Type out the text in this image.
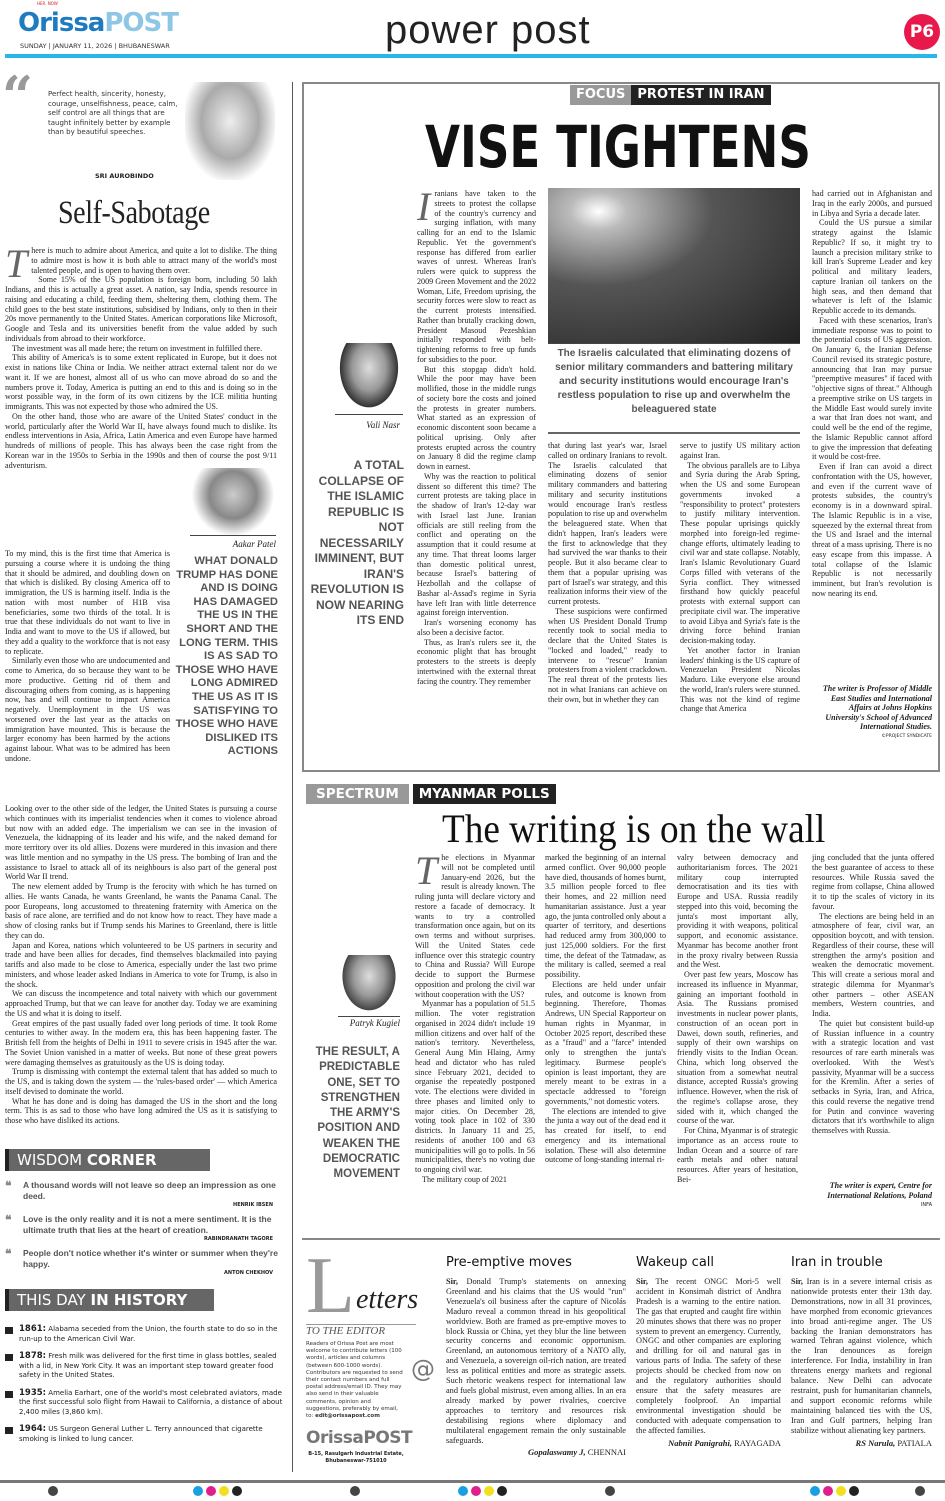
HER. NOW
OrissaPOST
SUNDAY | JANUARY 11, 2026 | BHUBANESWAR	power post	P6
“ Perfect health, sincerity, honesty, courage, unselfishness, peace, calm, self control are all things that are taught infinitely better by example than by beautiful speeches.
SRI AUROBINDO
Self-Sabotage
T here is much to admire about America, and quite a lot to dislike. The thing to admire most is how it is both able to attract many of the world's most talented people, and is open to having them over.

Some 15% of the US population is foreign born, including 50 lakh Indians, and this is actually a great asset. A nation, say India, spends resource in raising and educating a child, feeding them, sheltering them, clothing them. The child goes to the best state institutions, subsidised by Indians, only to then in their 20s move permanently to the United States. American corporations like Microsoft, Google and Tesla and its universities benefit from the value added by such individuals from abroad to their workforce.

The investment was all made here; the return on investment in fulfilled there.

This ability of America's is to some extent replicated in Europe, but it does not exist in nations like China or India. We neither attract external talent nor do we want it. If we are honest, almost all of us who can move abroad do so and the numbers prove it. Today, America is putting an end to this and is doing so in the worst possible way, in the form of its own citizens by the ICE militia hunting immigrants. This was not expected by those who admired the US.

On the other hand, those who are aware of the United States' conduct in the world, particularly after the World War II, have always found much to dislike. Its endless interventions in Asia, Africa, Latin America and even Europe have harmed hundreds of millions of people. This has always been the case right from the Korean war in the 1950s to Serbia in the 1990s and then of course the post 9/11 adventurism.

Aakar Patel

To my mind, this is the first time that America is pursuing a course where it is undoing the thing that it should be admired, and doubling down on that which is disliked. By closing America off to immigration, the US is harming itself. India is the nation with most number of H1B visa beneficiaries, some two thirds of the total. It is true that these individuals do not want to live in India and want to move to the US if allowed, but they add a quality to the workforce that is not easy to replicate.

Similarly even those who are undocumented and come to America, do so because they want to be more productive. Getting rid of them and discouraging others from coming, as is happening now, has and will continue to impact America negatively. Unemployment in the US was worsened over the last year as the attacks on immigration have mounted. This is because the larger economy has been harmed by the actions against labour. What was to be admired has been undone.

WHAT DONALD TRUMP HAS DONE AND IS DOING HAS DAMAGED THE US IN THE SHORT AND THE LONG TERM. THIS IS AS SAD TO THOSE WHO HAVE LONG ADMIRED THE US AS IT IS SATISFYING TO THOSE WHO HAVE DISLIKED ITS ACTIONS

Looking over to the other side of the ledger, the United States is pursuing a course which continues with its imperialist tendencies when it comes to violence abroad but now with an added edge. The imperialism we can see in the invasion of Venezuela, the kidnapping of its leader and his wife, and the naked demand for more territory over its old allies. Dozens were murdered in this invasion and there was little mention and no sympathy in the US press. The bombing of Iran and the assistance to Israel to attack all of its neighbours is also part of the general post World War II trend.

The new element added by Trump is the ferocity with which he has turned on allies. He wants Canada, he wants Greenland, he wants the Panama Canal. The poor Europeans, long accustomed to threatening fraternity with America on the basis of race alone, are terrified and do not know how to react. They have made a show of closing ranks but if Trump sends his Marines to Greenland, there is little they can do.

Japan and Korea, nations which volunteered to be US partners in security and trade and have been allies for decades, find themselves blackmailed into paying tariffs and also made to be close to America, especially under the last two prime ministers, and whose leader asked Indians in America to vote for Trump, is also in the shock.

We can discuss the incompetence and total naivety with which our government approached Trump, but that we can leave for another day. Today we are examining the US and what it is doing to itself.

Great empires of the past usually faded over long periods of time. It took Rome centuries to wither away. In the modern era, this has been happening faster. The British fell from the heights of Delhi in 1911 to severe crisis in 1945 after the war. The Soviet Union vanished in a matter of weeks. But none of these great powers were damaging themselves as gratuitously as the US is doing today.

Trump is dismissing with contempt the external talent that has added so much to the US, and is taking down the system — the 'rules-based order' — which America itself devised to dominate the world.

What he has done and is doing has damaged the US in the short and the long term. This is as sad to those who have long admired the US as it is satisfying to those who have disliked its actions.

WISDOM CORNER
❝ A thousand words will not leave so deep an impression as one deed.
HENRIK IBSEN
❝ Love is the only reality and it is not a mere sentiment. It is the ultimate truth that lies at the heart of creation.
RABINDRANATH TAGORE
❝ People don't notice whether it's winter or summer when they're happy.
ANTON CHEKHOV
THIS DAY IN HISTORY
1861: Alabama seceded from the Union, the fourth state to do so in the run-up to the American Civil War.
1878: Fresh milk was delivered for the first time in glass bottles, sealed with a lid, in New York City. It was an important step toward greater food safety in the United States.
1935: Amelia Earhart, one of the world's most celebrated aviators, made the first successful solo flight from Hawaii to California, a distance of about 2,400 miles (3,860 km).
1964: US Surgeon General Luther L. Terry announced that cigarette smoking is linked to lung cancer.
FOCUS PROTEST IN IRAN
VISE TIGHTENS
Vali Nasr
A TOTAL COLLAPSE OF THE ISLAMIC REPUBLIC IS NOT NECESSARILY IMMINENT, BUT IRAN'S REVOLUTION IS NOW NEARING ITS END
I ranians have taken to the streets to protest the collapse of the country's currency and surging inflation, with many calling for an end to the Islamic Republic. Yet the government's response has differed from earlier waves of unrest. Whereas Iran's rulers were quick to suppress the 2009 Green Movement and the 2022 Woman, Life, Freedom uprising, the security forces were slow to react as the current protests intensified. Rather than brutally cracking down, President Masoud Pezeshkian initially responded with belt-tightening reforms to free up funds for subsidies to the poor.

But this stopgap didn't hold. While the poor may have been mollified, those in the middle rungs of society bore the costs and joined the protests in greater numbers. What started as an expression of economic discontent soon became a political uprising. Only after protests erupted across the country on January 8 did the regime clamp down in earnest.

Why was the reaction to political dissent so different this time? The current protests are taking place in the shadow of Iran's 12-day war with Israel last June. Iranian officials are still reeling from the conflict and operating on the assumption that it could resume at any time. That threat looms larger than domestic political unrest, because Israel's battering of Hezbollah and the collapse of Bashar al-Assad's regime in Syria have left Iran with little deterrence against foreign intervention.

Iran's worsening economy has also been a decisive factor.

Thus, as Iran's rulers see it, the economic plight that has brought protesters to the streets is deeply intertwined with the external threat facing the country. They remember

The Israelis calculated that eliminating dozens of senior military commanders and battering military and security institutions would encourage Iran's restless population to rise up and overwhelm the beleaguered state

that during last year's war, Israel called on ordinary Iranians to revolt. The Israelis calculated that eliminating dozens of senior military commanders and battering military and security institutions would encourage Iran's restless population to rise up and overwhelm the beleaguered state. When that didn't happen, Iran's leaders were the first to acknowledge that they had survived the war thanks to their people. But it also became clear to them that a popular uprising was part of Israel's war strategy, and this realization informs their view of the current protests.

These suspicions were confirmed when US President Donald Trump recently took to social media to declare that the United States is "locked and loaded," ready to intervene to "rescue" Iranian protesters from a violent crackdown. The real threat of the protests lies not in what Iranians can achieve on their own, but in whether they can

serve to justify US military action against Iran.

The obvious parallels are to Libya and Syria during the Arab Spring, when the US and some European governments invoked a "responsibility to protect" protesters to justify military intervention. These popular uprisings quickly morphed into foreign-led regime-change efforts, ultimately leading to civil war and state collapse. Notably, Iran's Islamic Revolutionary Guard Corps filled with veterans of the Syria conflict. They witnessed firsthand how quickly peaceful protests with external support can precipitate civil war. The imperative to avoid Libya and Syria's fate is the driving force behind Iranian decision-making today.

Yet another factor in Iranian leaders' thinking is the US capture of Venezuelan President Nicolas Maduro. Like everyone else around the world, Iran's rulers were stunned. This was not the kind of regime change that America

had carried out in Afghanistan and Iraq in the early 2000s, and pursued in Libya and Syria a decade later.

Could the US pursue a similar strategy against the Islamic Republic? If so, it might try to launch a precision military strike to kill Iran's Supreme Leader and key political and military leaders, capture Iranian oil tankers on the high seas, and then demand that whatever is left of the Islamic Republic accede to its demands.

Faced with these scenarios, Iran's immediate response was to point to the potential costs of US aggression. On January 6, the Iranian Defense Council revised its strategic posture, announcing that Iran may pursue "preemptive measures" if faced with "objective signs of threat." Although a preemptive strike on US targets in the Middle East would surely invite a war that Iran does not want, and could well be the end of the regime, the Islamic Republic cannot afford to give the impression that defeating it would be cost-free.

Even if Iran can avoid a direct confrontation with the US, however, and even if the current wave of protests subsides, the country's economy is in a downward spiral. The Islamic Republic is in a vise, squeezed by the external threat from the US and Israel and the internal threat of a mass uprising. There is no easy escape from this impasse. A total collapse of the Islamic Republic is not necessarily imminent, but Iran's revolution is now nearing its end.

The writer is Professor of Middle East Studies and International Affairs at Johns Hopkins University's School of Advanced International Studies.
©PROJECT SYNDICATE
SPECTRUM	MYANMAR POLLS
The writing is on the wall
Patryk Kugiel
THE RESULT, A PREDICTABLE ONE, SET TO STRENGTHEN THE ARMY'S POSITION AND WEAKEN THE DEMOCRATIC MOVEMENT
T he elections in Myanmar will not be completed until January-end 2026, but the result is already known. The ruling junta will declare victory and restore a facade of democracy. It wants to try a controlled transformation once again, but on its own terms and without surprises. Will the United States cede influence over this strategic country to China and Russia? Will Europe decide to support the Burmese opposition and prolong the civil war without cooperation with the US?

Myanmar has a population of 51.5 million. The voter registration organised in 2024 didn't include 19 million citizens and over half of the nation's territory. Nevertheless, General Aung Min Hlaing, Army head and dictator who has ruled since February 2021, decided to organise the repeatedly postponed vote. The elections were divided in three phases and limited only to major cities. On December 28, voting took place in 102 of 330 districts. In January 11 and 25, residents of another 100 and 63 municipalities will go to polls. In 56 municipalities, there's no voting due to ongoing civil war.

The military coup of 2021

marked the beginning of an internal armed conflict. Over 90,000 people have died, thousands of homes burnt, 3.5 million people forced to flee their homes, and 22 million need humanitarian assistance. Just a year ago, the junta controlled only about a quarter of territory, and desertions had reduced army from 300,000 to just 125,000 soldiers. For the first time, the defeat of the Tatmadaw, as the military is called, seemed a real possibility.

Elections are held under unfair rules, and outcome is known from beginning. Therefore, Thomas Andrews, UN Special Rapporteur on human rights in Myanmar, in October 2025 report, described these as a "fraud" and a "farce" intended only to strengthen the junta's legitimacy. Burmese people's opinion is least important, they are merely meant to be extras in a spectacle addressed to "foreign governments," not domestic voters.

The elections are intended to give the junta a way out of the dead end it has created for itself, to end emergency and its international isolation. These will also determine outcome of long-standing internal ri-

valry between democracy and authoritarianism forces. The 2021 military coup interrupted democratisation and its ties with Europe and USA. Russia readily stepped into this void, becoming the junta's most important ally, providing it with weapons, political support, and economic assistance. Myanmar has become another front in the proxy rivalry between Russia and the West.

Over past few years, Moscow has increased its influence in Myanmar, gaining an important foothold in Asia. The Russians promised investments in nuclear power plants, construction of an ocean port in Dawei, down south, refineries, and supply of their own warships on friendly visits to the Indian Ocean. China, which long observed the situation from a somewhat neutral distance, accepted Russia's growing influence. However, when the risk of the regime's collapse arose, they sided with it, which changed the course of the war.

For China, Myanmar is of strategic importance as an access route to Indian Ocean and a source of rare earth metals and other natural resources. After years of hesitation, Bei-

jing concluded that the junta offered the best guarantee of access to these resources. While Russia saved the regime from collapse, China allowed it to tip the scales of victory in its favour.

The elections are being held in an atmosphere of fear, civil war, an opposition boycott, and with tension. Regardless of their course, these will strengthen the army's position and weaken the democratic movement. This will create a serious moral and strategic dilemma for Myanmar's other partners – other ASEAN members, Western countries, and India.

The quiet but consistent build-up of Russian influence in a country with a strategic location and vast resources of rare earth minerals was overlooked. With the West's passivity, Myanmar will be a success for the Kremlin. After a series of setbacks in Syria, Iran, and Africa, this could reverse the negative trend for Putin and convince wavering dictators that it's worthwhile to align themselves with Russia.

The writer is expert, Centre for International Relations, Poland
INFA
L etters
TO THE EDITOR
Readers of Orissa Post are most welcome to contribute letters (100 words), articles and columns (between 600-1000 words). Contributors are requested to send their contact numbers and full postal address/email ID. They may also send in their valuable comments, opinion and suggestions, preferably by email, to: edit@orissapost.com
@
OrissaPOST
B-15, Rasulgarh Industrial Estate, Bhubaneswar-751010
Pre-emptive moves
Sir, Donald Trump's statements on annexing Greenland and his claims that the US would "run" Venezuela's oil business after the capture of Nicolás Maduro reveal a common thread in his geopolitical worldview. Both are framed as pre-emptive moves to block Russia or China, yet they blur the line between security concerns and economic opportunism. Greenland, an autonomous territory of a NATO ally, and Venezuela, a sovereign oil-rich nation, are treated less as political entities and more as strategic assets. Such rhetoric weakens respect for international law and fuels global mistrust, even among allies. In an era already marked by power rivalries, coercive approaches to territory and resources risk destabilising regions where diplomacy and multilateral engagement remain the only sustainable safeguards.
Gopalaswamy J, CHENNAI
Wakeup call
Sir, The recent ONGC Mori-5 well accident in Konsimah district of Andhra Pradesh is a warning to the entire nation. The gas that erupted and caught fire within 20 minutes shows that there was no proper system to prevent an emergency. Currently, ONGC and other companies are exploring and drilling for oil and natural gas in various parts of India. The safety of these projects should be checked from now on and the regulatory authorities should ensure that the safety measures are completely foolproof. An impartial environmental investigation should be conducted with adequate compensation to the affected families.
Nabnit Panigrahi, RAYAGADA
Iran in trouble
Sir, Iran is in a severe internal crisis as nationwide protests enter their 13th day. Demonstrations, now in all 31 provinces, have morphed from economic grievances into broad anti-regime anger. The US backing the Iranian demonstrators has warned Tehran against violence, which the Iran denounces as foreign interference. For India, instability in Iran threatens energy markets and regional balance. New Delhi can advocate restraint, push for humanitarian channels, and support economic reforms while maintaining balanced ties with the US, Iran and Gulf partners, helping Iran stabilize without alienating key partners.
RS Narula, PATIALA
